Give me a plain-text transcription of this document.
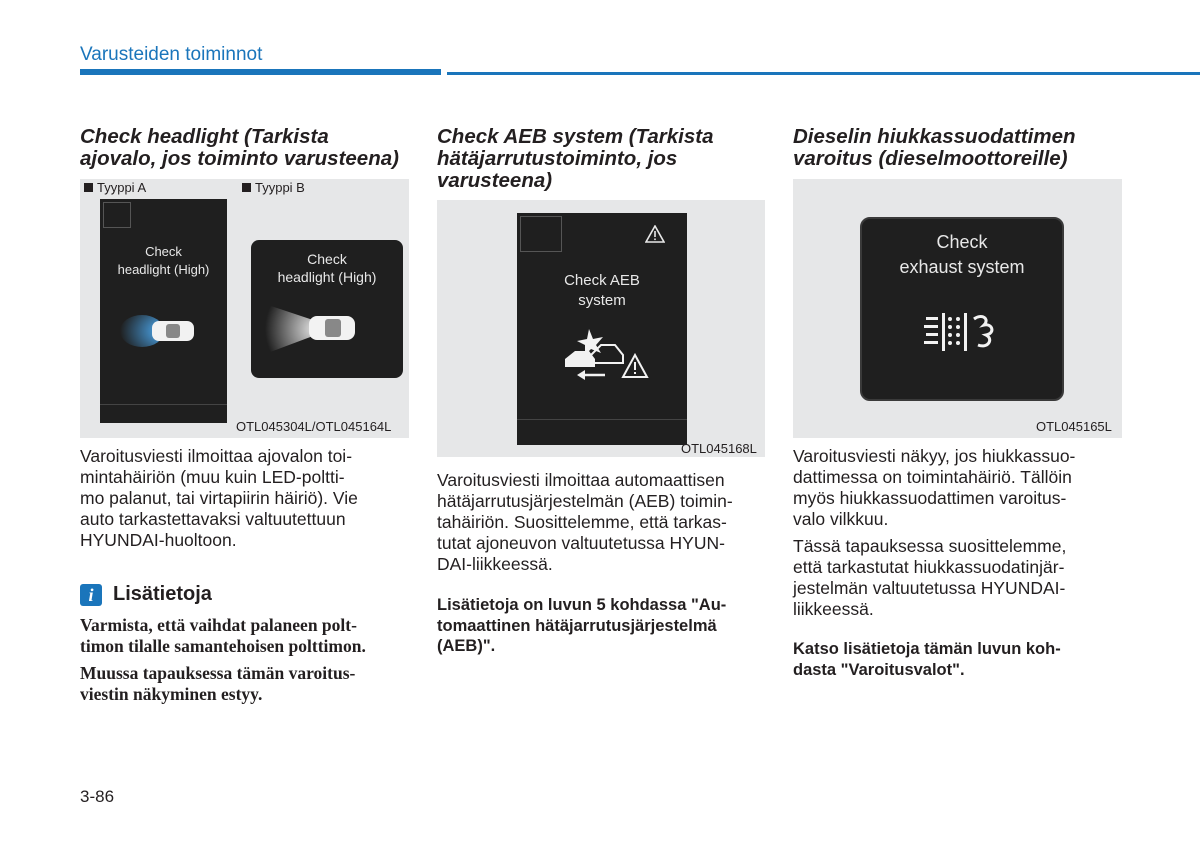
Varusteiden toiminnot
Check headlight (Tarkista ajovalo, jos toiminto varusteena)
Tyyppi A	Tyyppi B
Check
headlight (High)
Check
headlight (High)
OTL045304L/OTL045164L
Varoitusviesti ilmoittaa ajovalon toi-
mintahäiriön (muu kuin LED-poltti-
mo palanut, tai virtapiirin häiriö). Vie
auto tarkastettavaksi valtuutettuun
HYUNDAI-huoltoon.
i Lisätietoja
Varmista, että vaihdat palaneen polt-
timon tilalle samantehoisen polttimon.
Muussa tapauksessa tämän varoitus-
viestin näkyminen estyy.
Check AEB system (Tarkista hätäjarrutustoiminto, jos varusteena)
Check AEB
system
OTL045168L
Varoitusviesti ilmoittaa automaattisen
hätäjarrutusjärjestelmän (AEB) toimin-
tahäiriön. Suosittelemme, että tarkas-
tutat ajoneuvon valtuutetussa HYUN-
DAI-liikkeessä.
Lisätietoja on luvun 5 kohdassa "Au-
tomaattinen hätäjarrutusjärjestelmä
(AEB)".
Dieselin hiukkassuodattimen varoitus (dieselmoottoreille)
Check
exhaust system
OTL045165L
Varoitusviesti näkyy, jos hiukkassuo-
dattimessa on toimintahäiriö. Tällöin
myös hiukkassuodattimen varoitus-
valo vilkkuu.
Tässä tapauksessa suosittelemme,
että tarkastutat hiukkassuodatinjär-
jestelmän valtuutetussa HYUNDAI-
liikkeessä.
Katso lisätietoja tämän luvun koh-
dasta "Varoitusvalot".
3-86
